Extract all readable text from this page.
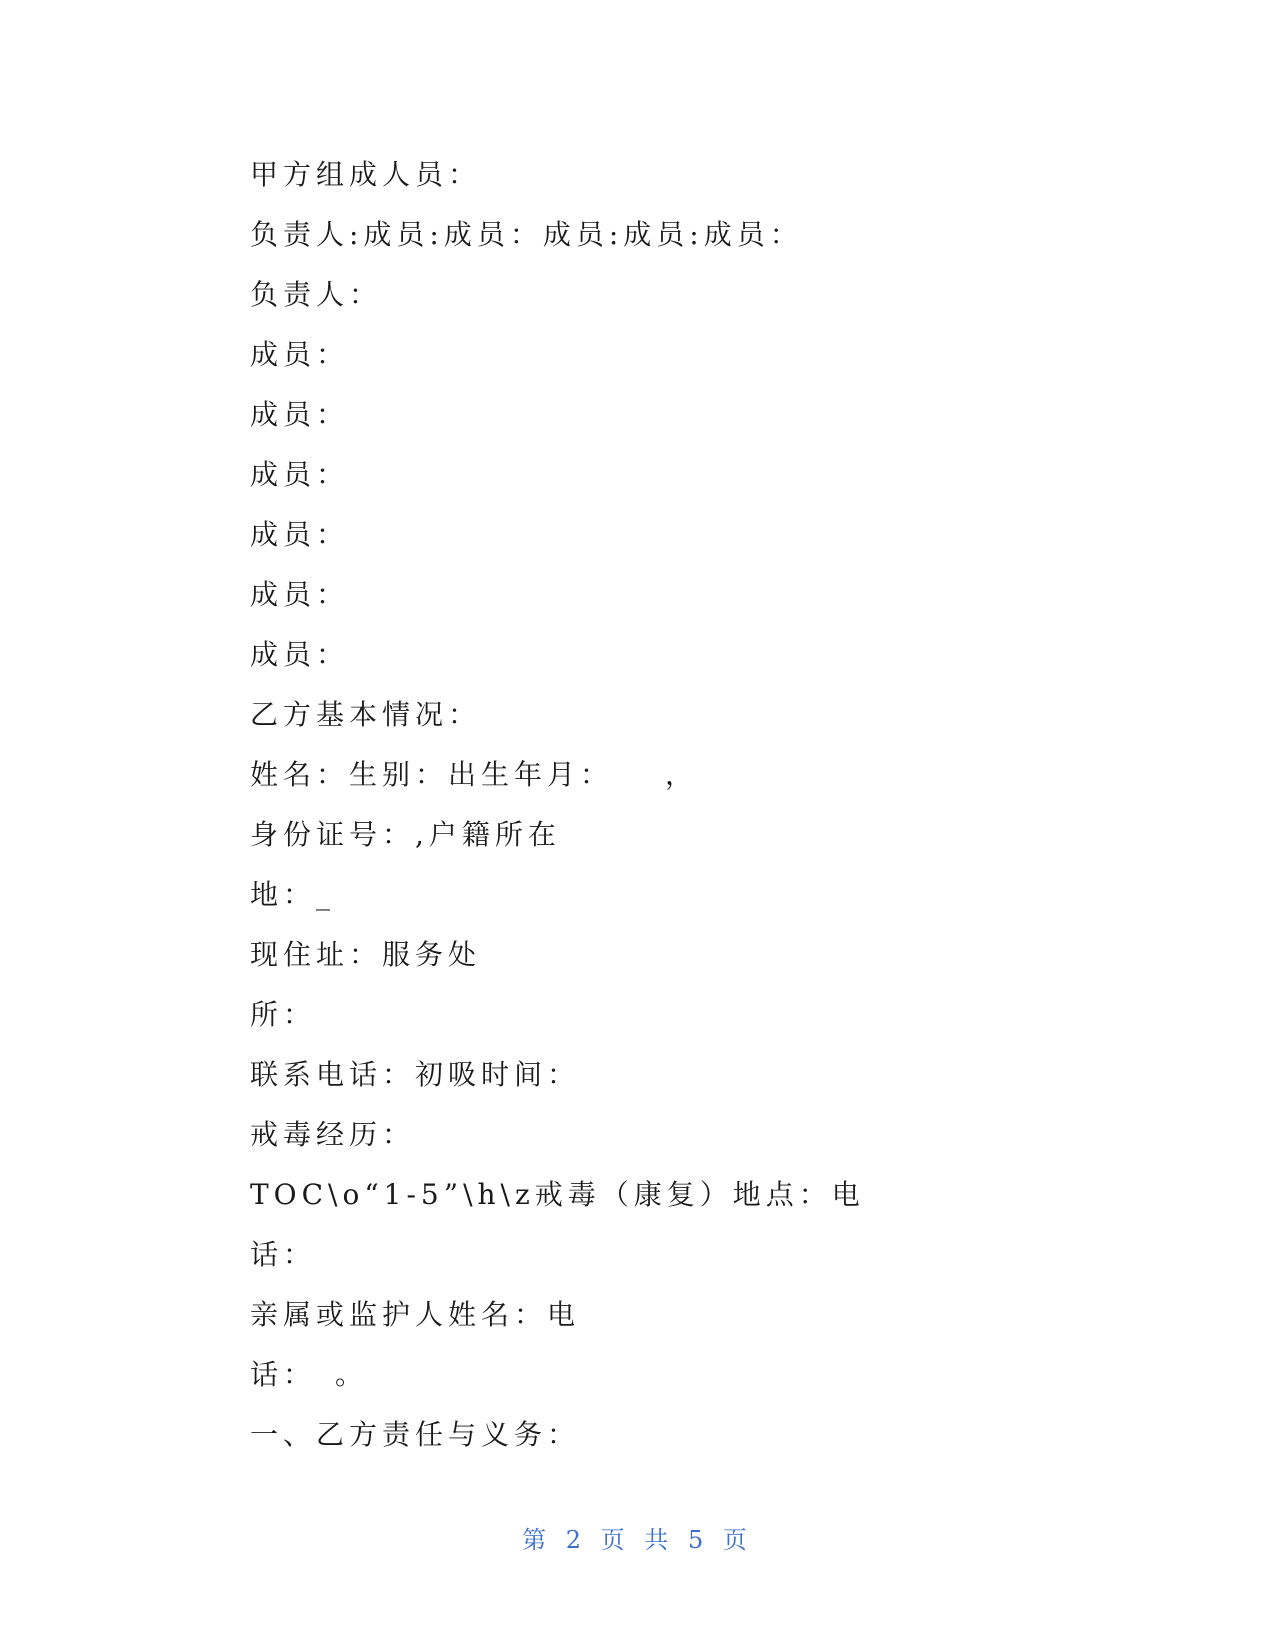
甲方组成人员：
负责人:成员:成员：成员:成员:成员：
负责人：
成员：
成员：
成员：
成员：
成员：
成员：
乙方基本情况：
姓名：生别：出生年月：　　，
身份证号：,户籍所在
地：_
现住址：服务处
所：
联系电话：初吸时间：
戒毒经历：
TOC\o“1-5”\h\z戒毒（康复）地点：电
话：
亲属或监护人姓名：电
话：　。
一、乙方责任与义务：
第 2 页 共 5 页
